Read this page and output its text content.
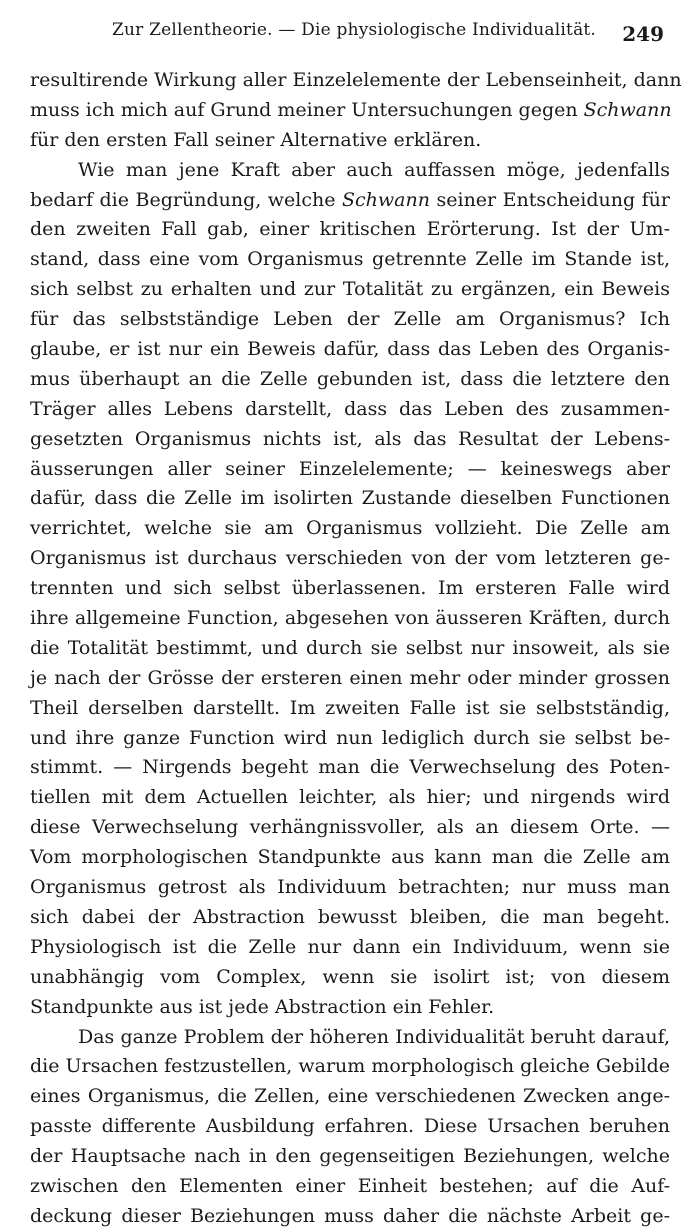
Zur Zellentheorie. — Die physiologische Individualität. 249
resultirende Wirkung aller Einzelelemente der Lebenseinheit, dann
muss ich mich auf Grund meiner Untersuchungen gegen Schwann
für den ersten Fall seiner Alternative erklären.
Wie man jene Kraft aber auch auffassen möge, jedenfalls
bedarf die Begründung, welche Schwann seiner Entscheidung für
den zweiten Fall gab, einer kritischen Erörterung. Ist der Um-
stand, dass eine vom Organismus getrennte Zelle im Stande ist,
sich selbst zu erhalten und zur Totalität zu ergänzen, ein Beweis
für das selbstständige Leben der Zelle am Organismus? Ich
glaube, er ist nur ein Beweis dafür, dass das Leben des Organis-
mus überhaupt an die Zelle gebunden ist, dass die letztere den
Träger alles Lebens darstellt, dass das Leben des zusammen-
gesetzten Organismus nichts ist, als das Resultat der Lebens-
äusserungen aller seiner Einzelelemente; — keineswegs aber
dafür, dass die Zelle im isolirten Zustande dieselben Functionen
verrichtet, welche sie am Organismus vollzieht. Die Zelle am
Organismus ist durchaus verschieden von der vom letzteren ge-
trennten und sich selbst überlassenen. Im ersteren Falle wird
ihre allgemeine Function, abgesehen von äusseren Kräften, durch
die Totalität bestimmt, und durch sie selbst nur insoweit, als sie
je nach der Grösse der ersteren einen mehr oder minder grossen
Theil derselben darstellt. Im zweiten Falle ist sie selbstständig,
und ihre ganze Function wird nun lediglich durch sie selbst be-
stimmt. — Nirgends begeht man die Verwechselung des Poten-
tiellen mit dem Actuellen leichter, als hier; und nirgends wird
diese Verwechselung verhängnissvoller, als an diesem Orte. —
Vom morphologischen Standpunkte aus kann man die Zelle am
Organismus getrost als Individuum betrachten; nur muss man
sich dabei der Abstraction bewusst bleiben, die man begeht.
Physiologisch ist die Zelle nur dann ein Individuum, wenn sie
unabhängig vom Complex, wenn sie isolirt ist; von diesem
Standpunkte aus ist jede Abstraction ein Fehler.
Das ganze Problem der höheren Individualität beruht darauf,
die Ursachen festzustellen, warum morphologisch gleiche Gebilde
eines Organismus, die Zellen, eine verschiedenen Zwecken ange-
passte differente Ausbildung erfahren. Diese Ursachen beruhen
der Hauptsache nach in den gegenseitigen Beziehungen, welche
zwischen den Elementen einer Einheit bestehen; auf die Auf-
deckung dieser Beziehungen muss daher die nächste Arbeit ge-
